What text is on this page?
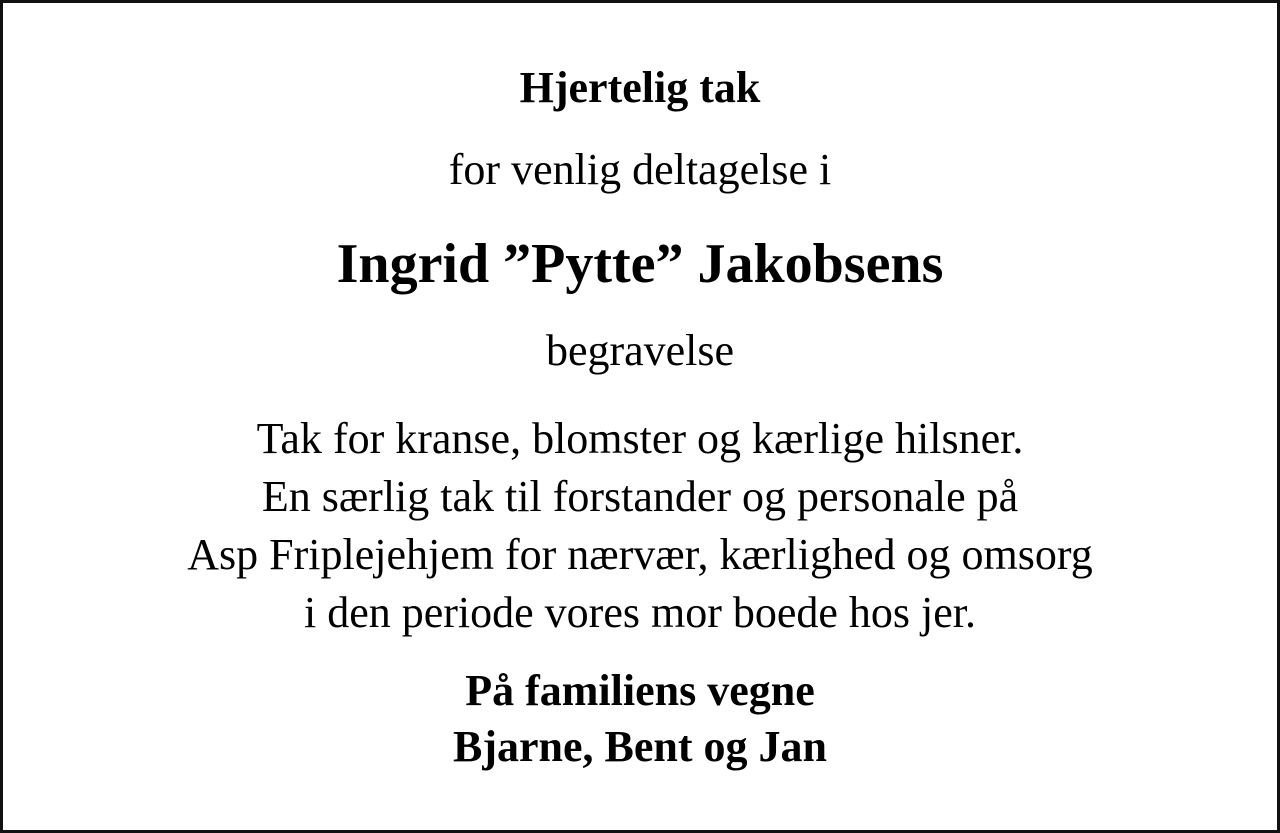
Hjertelig tak
for venlig deltagelse i
Ingrid ”Pytte” Jakobsens
begravelse
Tak for kranse, blomster og kærlige hilsner.
En særlig tak til forstander og personale på
Asp Friplejehjem for nærvær, kærlighed og omsorg
i den periode vores mor boede hos jer.
På familiens vegne
Bjarne, Bent og Jan
